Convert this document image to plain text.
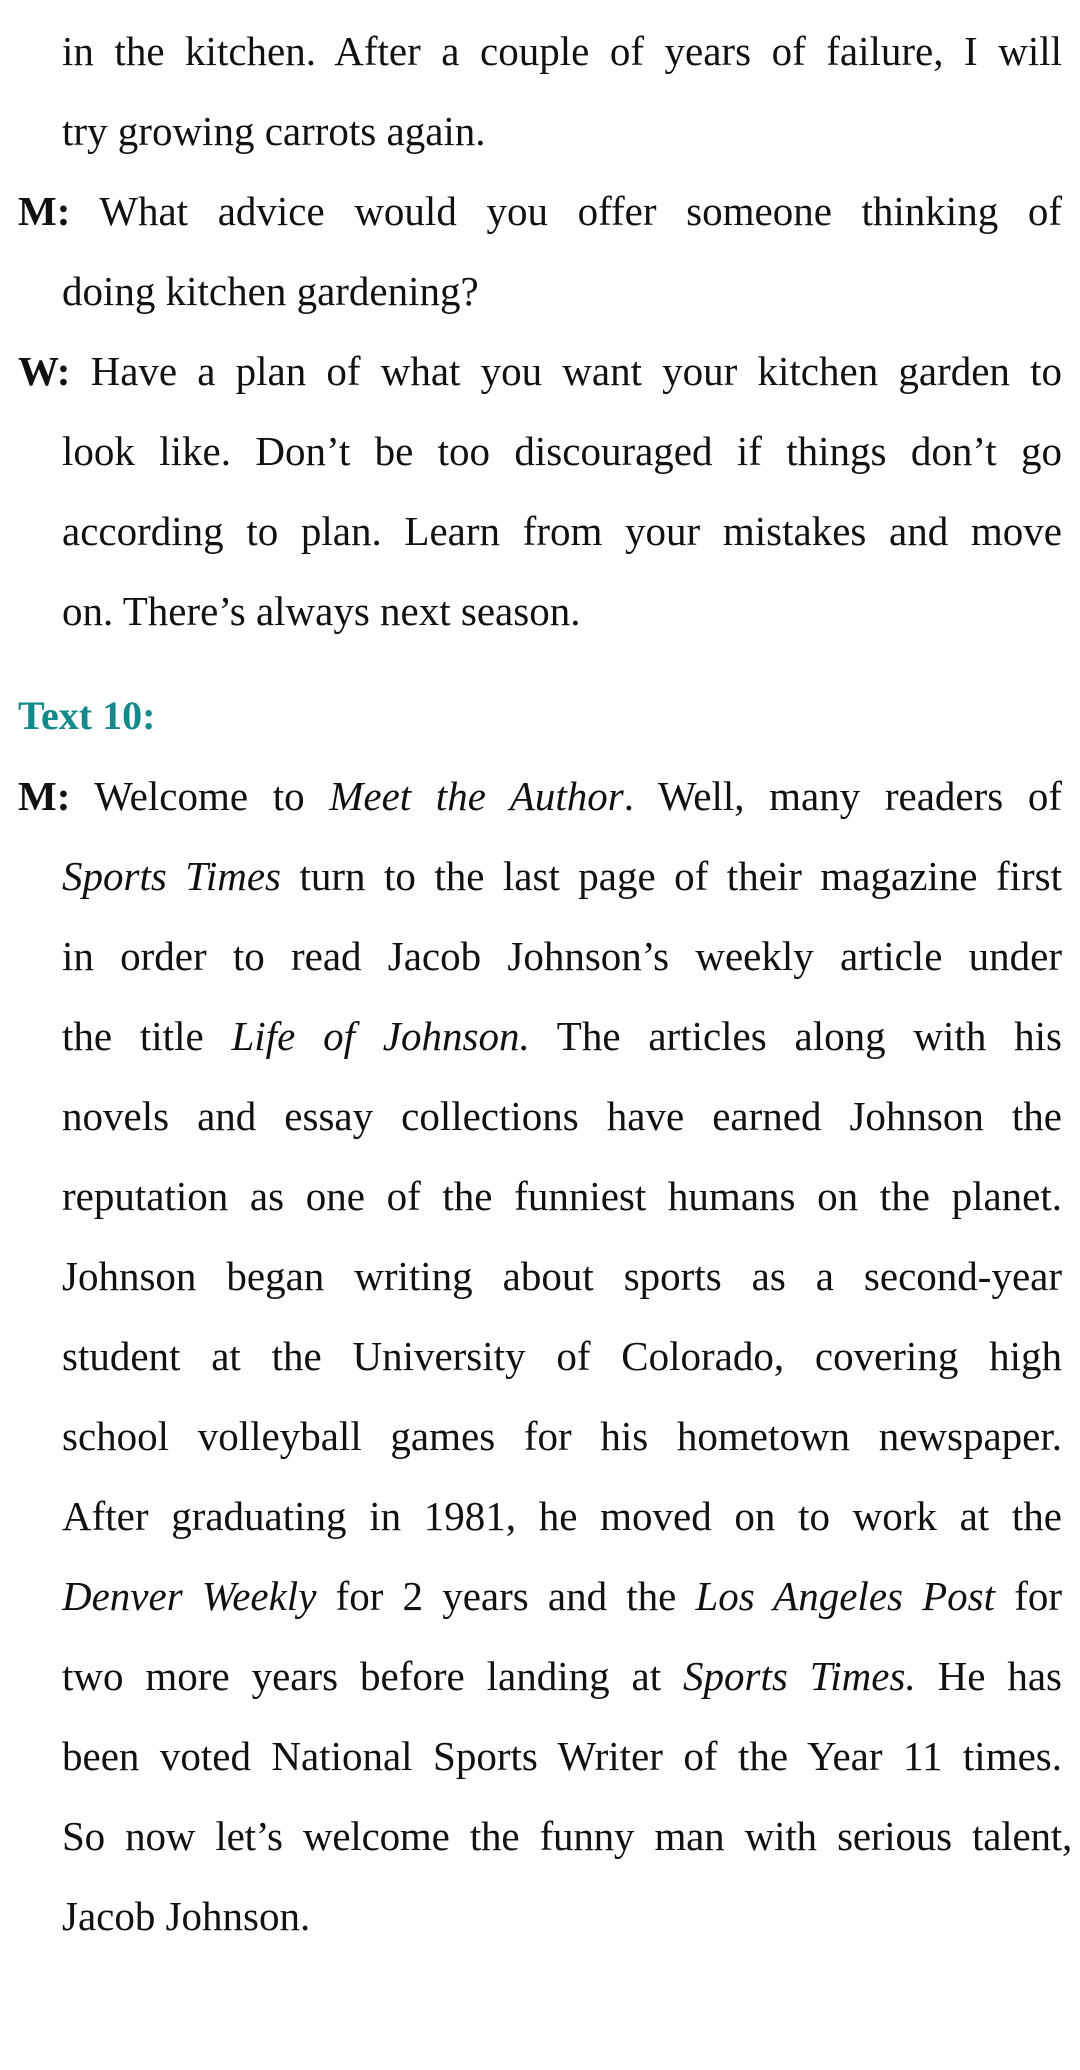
in the kitchen. After a couple of years of failure, I will
try growing carrots again.
M: What advice would you offer someone thinking of
doing kitchen gardening?
W: Have a plan of what you want your kitchen garden to
look like. Don’t be too discouraged if things don’t go
according to plan. Learn from your mistakes and move
on. There’s always next season.
Text 10:
M: Welcome to Meet the Author. Well, many readers of
Sports Times turn to the last page of their magazine first
in order to read Jacob Johnson’s weekly article under
the title Life of Johnson. The articles along with his
novels and essay collections have earned Johnson the
reputation as one of the funniest humans on the planet.
Johnson began writing about sports as a second-year
student at the University of Colorado, covering high
school volleyball games for his hometown newspaper.
After graduating in 1981, he moved on to work at the
Denver Weekly for 2 years and the Los Angeles Post for
two more years before landing at Sports Times. He has
been voted National Sports Writer of the Year 11 times.
So now let’s welcome the funny man with serious talent,
Jacob Johnson.
